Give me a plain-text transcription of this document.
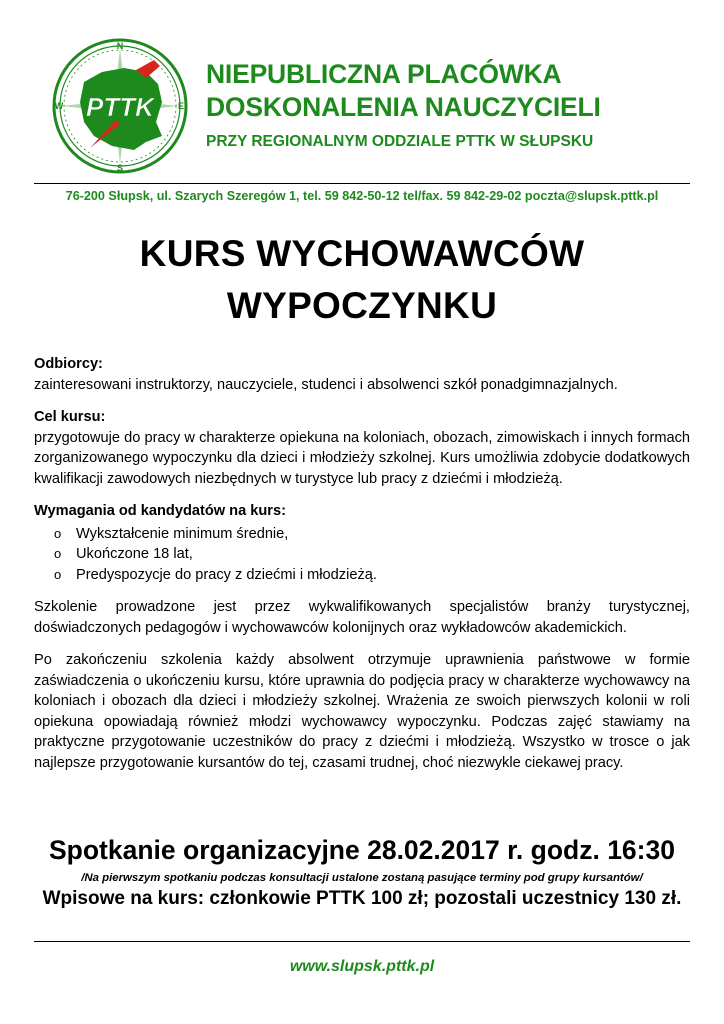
PTTK
N
S
W	E
NIEPUBLICZNA PLACÓWKA
DOSKONALENIA NAUCZYCIELI
PRZY REGIONALNYM ODDZIALE PTTK W SŁUPSKU
76-200 Słupsk, ul. Szarych Szeregów 1, tel. 59 842-50-12 tel/fax. 59 842-29-02 poczta@slupsk.pttk.pl
KURS WYCHOWAWCÓW
WYPOCZYNKU

Odbiorcy:

zainteresowani instruktorzy, nauczyciele, studenci i absolwenci szkół ponadgimnazjalnych.

Cel kursu:

przygotowuje do pracy w charakterze opiekuna na koloniach, obozach, zimowiskach i innych formach zorganizowanego wypoczynku dla dzieci i młodzieży szkolnej. Kurs umożliwia zdobycie dodatkowych kwalifikacji zawodowych niezbędnych w turystyce lub pracy z dziećmi i młodzieżą.

Wymagania od kandydatów na kurs:

o Wykształcenie minimum średnie,
o Ukończone 18 lat,
o Predyspozycje do pracy z dziećmi i młodzieżą.

Szkolenie prowadzone jest przez wykwalifikowanych specjalistów branży turystycznej, doświadczonych pedagogów i wychowawców kolonijnych oraz wykładowców akademickich.

Po zakończeniu szkolenia każdy absolwent otrzymuje uprawnienia państwowe w formie zaświadczenia o ukończeniu kursu, które uprawnia do podjęcia pracy w charakterze wychowawcy na koloniach i obozach dla dzieci i młodzieży szkolnej. Wrażenia ze swoich pierwszych kolonii w roli opiekuna opowiadają również młodzi wychowawcy wypoczynku. Podczas zajęć stawiamy na praktyczne przygotowanie uczestników do pracy z dziećmi i młodzieżą. Wszystko w trosce o jak najlepsze przygotowanie kursantów do tej, czasami trudnej, choć niezwykle ciekawej pracy.

Spotkanie organizacyjne 28.02.2017 r. godz. 16:30
/Na pierwszym spotkaniu podczas konsultacji ustalone zostaną pasujące terminy pod grupy kursantów/
Wpisowe na kurs: członkowie PTTK 100 zł; pozostali uczestnicy 130 zł.
www.slupsk.pttk.pl
